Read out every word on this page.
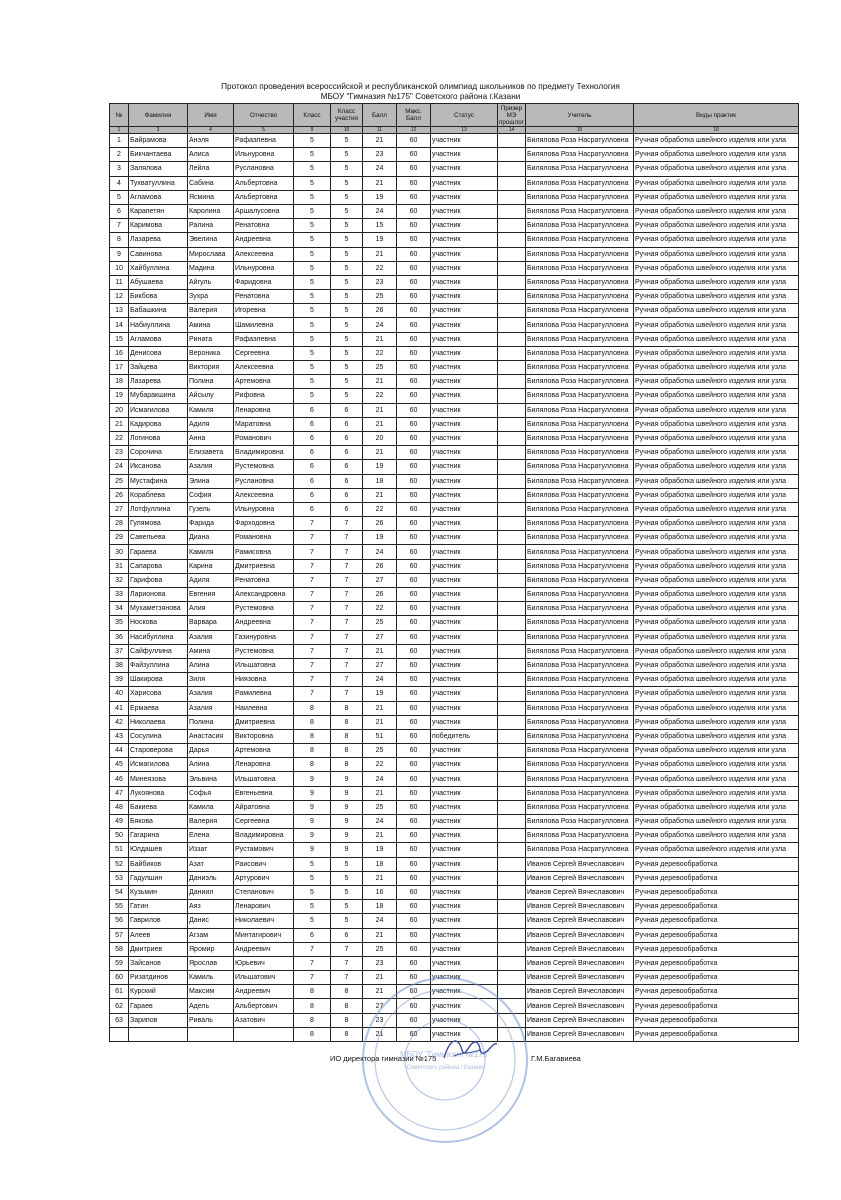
Протокол проведения всероссийской и республиканской олимпиад школьников по предмету Технология
МБОУ "Гимназия №175" Советского района г.Казани
№	Фамилия	Имя	Отчество	Класс	Класс участия	Балл	Макс. Балл	Статус	Призер МЭ прошлог	Учитель	Виды практик
1	3	4	5	9	10	11	12	13	14	15	18
1	Байрамова	Анэля	Рафаэлевна	5	5	21	60	участник		Билялова Роза Насратулловна	Ручная обработка швейного изделия или узла
2	Бикчантаева	Алиса	Ильнуровна	5	5	23	60	участник		Билялова Роза Насратулловна	Ручная обработка швейного изделия или узла
3	Залялова	Лейла	Руслановна	5	5	24	60	участник		Билялова Роза Насратулловна	Ручная обработка швейного изделия или узла
4	Тухватуллина	Сабина	Альбертовна	5	5	21	60	участник		Билялова Роза Насратулловна	Ручная обработка швейного изделия или узла
5	Агламова	Ясмина	Альбертовна	5	5	19	60	участник		Билялова Роза Насратулловна	Ручная обработка швейного изделия или узла
6	Карапетян	Каролина	Аршалуcовна	5	5	24	60	участник		Билялова Роза Насратулловна	Ручная обработка швейного изделия или узла
7	Каримова	Ралина	Ренатовна	5	5	15	60	участник		Билялова Роза Насратулловна	Ручная обработка швейного изделия или узла
8	Лазарева	Эвелина	Андреевна	5	5	19	60	участник		Билялова Роза Насратулловна	Ручная обработка швейного изделия или узла
9	Савинова	Мирослава	Алексеевна	5	5	21	60	участник		Билялова Роза Насратулловна	Ручная обработка швейного изделия или узла
10	Хайбуллина	Мадина	Ильнуровна	5	5	22	60	участник		Билялова Роза Насратулловна	Ручная обработка швейного изделия или узла
11	Абушаева	Айгуль	Фаридовна	5	5	23	60	участник		Билялова Роза Насратулловна	Ручная обработка швейного изделия или узла
12	Бикбова	Зухра	Ренатовна	5	5	25	60	участник		Билялова Роза Насратулловна	Ручная обработка швейного изделия или узла
13	Бабашкина	Валерия	Игоревна	5	5	26	60	участник		Билялова Роза Насратулловна	Ручная обработка швейного изделия или узла
14	Набиуллина	Амина	Шамилевна	5	5	24	60	участник		Билялова Роза Насратулловна	Ручная обработка швейного изделия или узла
15	Агламова	Рината	Рафаэлевна	5	5	21	60	участник		Билялова Роза Насратулловна	Ручная обработка швейного изделия или узла
16	Денисова	Вероника	Сергеевна	5	5	22	60	участник		Билялова Роза Насратулловна	Ручная обработка швейного изделия или узла
17	Зайцева	Виктория	Алексеевна	5	5	25	60	участник		Билялова Роза Насратулловна	Ручная обработка швейного изделия или узла
18	Лазарева	Полина	Артемовна	5	5	21	60	участник		Билялова Роза Насратулловна	Ручная обработка швейного изделия или узла
19	Мубаракшина	Айсылу	Рифовна	5	5	22	60	участник		Билялова Роза Насратулловна	Ручная обработка швейного изделия или узла
20	Исмагилова	Камиля	Ленаровна	6	6	21	60	участник		Билялова Роза Насратулловна	Ручная обработка швейного изделия или узла
21	Кадирова	Адиля	Маратовна	6	6	21	60	участник		Билялова Роза Насратулловна	Ручная обработка швейного изделия или узла
22	Логинова	Анна	Романович	6	6	20	60	участник		Билялова Роза Насратулловна	Ручная обработка швейного изделия или узла
23	Сорочина	Елизавета	Владимировна	6	6	21	60	участник		Билялова Роза Насратулловна	Ручная обработка швейного изделия или узла
24	Иксанова	Азалия	Рустемовна	6	6	19	60	участник		Билялова Роза Насратулловна	Ручная обработка швейного изделия или узла
25	Мустафина	Элина	Руслановна	6	6	18	60	участник		Билялова Роза Насратулловна	Ручная обработка швейного изделия или узла
26	Кораблева	София	Алексеевна	6	6	21	60	участник		Билялова Роза Насратулловна	Ручная обработка швейного изделия или узла
27	Лотфуллина	Гузель	Ильнуровна	6	6	22	60	участник		Билялова Роза Насратулловна	Ручная обработка швейного изделия или узла
28	Гулямова	Фарида	Фарходовна	7	7	26	60	участник		Билялова Роза Насратулловна	Ручная обработка швейного изделия или узла
29	Савельева	Диана	Романовна	7	7	19	60	участник		Билялова Роза Насратулловна	Ручная обработка швейного изделия или узла
30	Гараева	Камиля	Рамисовна	7	7	24	60	участник		Билялова Роза Насратулловна	Ручная обработка швейного изделия или узла
31	Сапарова	Карина	Дмитриевна	7	7	26	60	участник		Билялова Роза Насратулловна	Ручная обработка швейного изделия или узла
32	Гарифова	Адиля	Ренатовна	7	7	27	60	участник		Билялова Роза Насратулловна	Ручная обработка швейного изделия или узла
33	Ларионова	Евгения	Александровна	7	7	26	60	участник		Билялова Роза Насратулловна	Ручная обработка швейного изделия или узла
34	Мухаметзянова	Алия	Рустемовна	7	7	22	60	участник		Билялова Роза Насратулловна	Ручная обработка швейного изделия или узла
35	Носкова	Варвара	Андреевна	7	7	25	60	участник		Билялова Роза Насратулловна	Ручная обработка швейного изделия или узла
36	Насибуллина	Азалия	Газинуровна	7	7	27	60	участник		Билялова Роза Насратулловна	Ручная обработка швейного изделия или узла
37	Сайфуллина	Амина	Рустемовна	7	7	21	60	участник		Билялова Роза Насратулловна	Ручная обработка швейного изделия или узла
38	Файзуллина	Алина	Ильшатовна	7	7	27	60	участник		Билялова Роза Насратулловна	Ручная обработка швейного изделия или узла
39	Шакирова	Зиля	Ниязовна	7	7	24	60	участник		Билялова Роза Насратулловна	Ручная обработка швейного изделия или узла
40	Харисова	Азалия	Рамилевна	7	7	19	60	участник		Билялова Роза Насратулловна	Ручная обработка швейного изделия или узла
41	Ермаева	Азалия	Наилевна	8	8	21	60	участник		Билялова Роза Насратулловна	Ручная обработка швейного изделия или узла
42	Николаева	Полина	Дмитриевна	8	8	21	60	участник		Билялова Роза Насратулловна	Ручная обработка швейного изделия или узла
43	Сосулина	Анастасия	Викторовна	8	8	51	60	победитель		Билялова Роза Насратулловна	Ручная обработка швейного изделия или узла
44	Староверова	Дарья	Артемовна	8	8	25	60	участник		Билялова Роза Насратулловна	Ручная обработка швейного изделия или узла
45	Исмагилова	Алина	Ленаровна	8	8	22	60	участник		Билялова Роза Насратулловна	Ручная обработка швейного изделия или узла
46	Минеязова	Эльвина	Ильшатовна	9	9	24	60	участник		Билялова Роза Насратулловна	Ручная обработка швейного изделия или узла
47	Лукоянова	Софья	Евгеньевна	9	9	21	60	участник		Билялова Роза Насратулловна	Ручная обработка швейного изделия или узла
48	Бакиева	Камила	Айратовна	9	9	25	60	участник		Билялова Роза Насратулловна	Ручная обработка швейного изделия или узла
49	Бякова	Валерия	Сергеевна	9	9	24	60	участник		Билялова Роза Насратулловна	Ручная обработка швейного изделия или узла
50	Гагарина	Елена	Владимировна	9	9	21	60	участник		Билялова Роза Насратулловна	Ручная обработка швейного изделия или узла
51	Юлдашев	Иззат	Рустамович	9	9	19	60	участник		Билялова Роза Насратулловна	Ручная обработка швейного изделия или узла
52	Байбиков	Азат	Раисович	5	5	18	60	участник		Иванов Сергей Вячеславович	Ручная деревообработка
53	Гадулшин	Даниэль	Артурович	5	5	21	60	участник		Иванов Сергей Вячеславович	Ручная деревообработка
54	Кузьмин	Даниил	Степанович	5	5	16	60	участник		Иванов Сергей Вячеславович	Ручная деревообработка
55	Гатин	Аяз	Ленарович	5	5	18	60	участник		Иванов Сергей Вячеславович	Ручная деревообработка
56	Гаврилов	Данис	Николаевич	5	5	24	60	участник		Иванов Сергей Вячеславович	Ручная деревообработка
57	Алеев	Агзам	Минтагирович	6	6	21	60	участник		Иванов Сергей Вячеславович	Ручная деревообработка
58	Дмитриев	Яромир	Андреевич	7	7	25	60	участник		Иванов Сергей Вячеславович	Ручная деревообработка
59	Зайсанов	Ярослав	Юрьевич	7	7	23	60	участник		Иванов Сергей Вячеславович	Ручная деревообработка
60	Ризатдинов	Камиль	Ильшатович	7	7	21	60	участник		Иванов Сергей Вячеславович	Ручная деревообработка
61	Курский	Максим	Андреевич	8	8	21	60	участник		Иванов Сергей Вячеславович	Ручная деревообработка
62	Гараев	Адель	Альбертович	8	8	27	60	участник		Иванов Сергей Вячеславович	Ручная деревообработка
63	Зарипов	Риваль	Азатович	8	8	23	60	участник		Иванов Сергей Вячеславович	Ручная деревообработка
				8	8	21	60	участник		Иванов Сергей Вячеславович	Ручная деревообработка
МБОУ "Гимназия №175"
Советского района г.Казани
ИО директора гимназии №175	Г.М.Багавиева
